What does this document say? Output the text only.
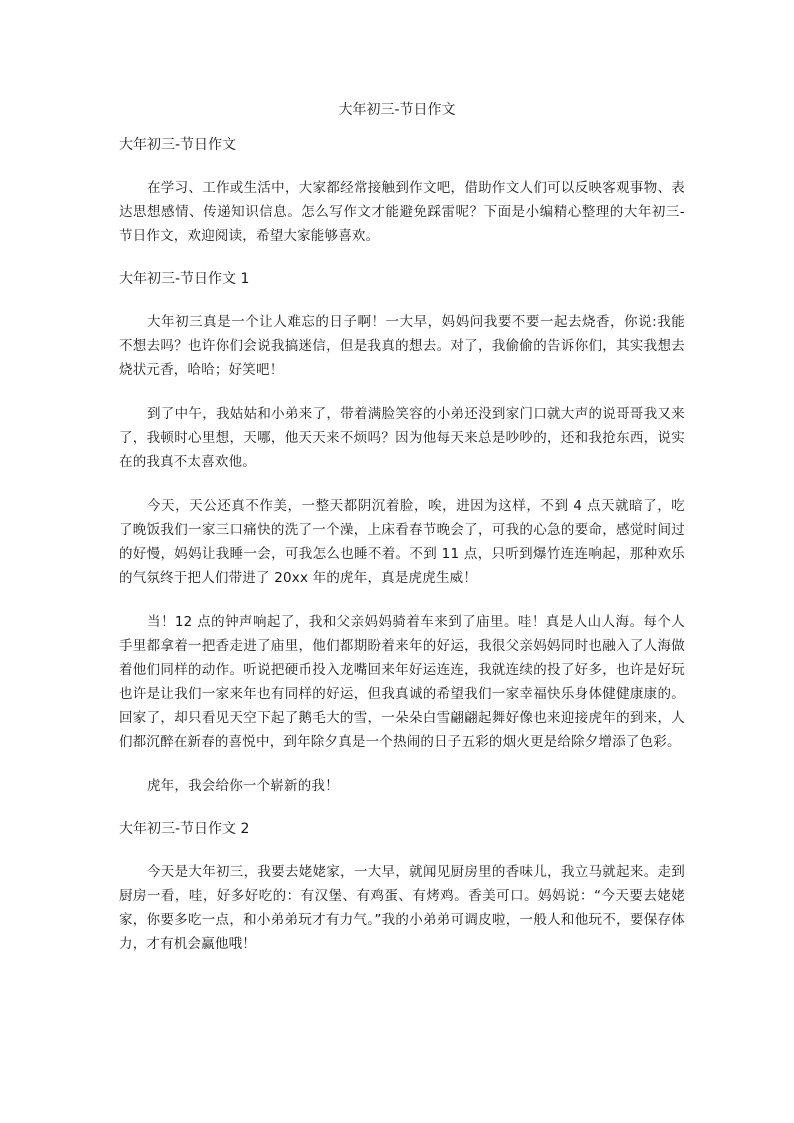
大年初三-节日作文

大年初三-节日作文

在学习、工作或生活中，大家都经常接触到作文吧，借助作文人们可以反映客观事物、表达思想感情、传递知识信息。怎么写作文才能避免踩雷呢？下面是小编精心整理的大年初三-节日作文，欢迎阅读，希望大家能够喜欢。

大年初三-节日作文 1

大年初三真是一个让人难忘的日子啊！一大早，妈妈问我要不要一起去烧香，你说:我能不想去吗？也许你们会说我搞迷信，但是我真的想去。对了，我偷偷的告诉你们，其实我想去烧状元香，哈哈；好笑吧！

到了中午，我姑姑和小弟来了，带着满脸笑容的小弟还没到家门口就大声的说哥哥我又来了，我顿时心里想，天哪，他天天来不烦吗？因为他每天来总是吵吵的，还和我抢东西，说实在的我真不太喜欢他。

今天，天公还真不作美，一整天都阴沉着脸，唉，进因为这样，不到 4 点天就暗了，吃了晚饭我们一家三口痛快的洗了一个澡，上床看春节晚会了，可我的心急的要命，感觉时间过的好慢，妈妈让我睡一会，可我怎么也睡不着。不到 11 点，只听到爆竹连连响起，那种欢乐的气氛终于把人们带进了 20xx 年的虎年，真是虎虎生威！

当！12 点的钟声响起了，我和父亲妈妈骑着车来到了庙里。哇！真是人山人海。每个人手里都拿着一把香走进了庙里，他们都期盼着来年的好运，我很父亲妈妈同时也融入了人海做着他们同样的动作。听说把硬币投入龙嘴回来年好运连连，我就连续的投了好多，也许是好玩也许是让我们一家来年也有同样的好运，但我真诚的希望我们一家幸福快乐身体健健康康的。回家了，却只看见天空下起了鹅毛大的雪，一朵朵白雪翩翩起舞好像也来迎接虎年的到来，人们都沉醉在新春的喜悦中，到年除夕真是一个热闹的日子五彩的烟火更是给除夕增添了色彩。

虎年，我会给你一个崭新的我！

大年初三-节日作文 2

今天是大年初三，我要去姥姥家，一大早，就闻见厨房里的香味儿，我立马就起来。走到厨房一看，哇，好多好吃的：有汉堡、有鸡蛋、有烤鸡。香美可口。妈妈说：“今天要去姥姥家，你要多吃一点，和小弟弟玩才有力气。”我的小弟弟可调皮啦，一般人和他玩不，要保存体力，才有机会赢他哦！
